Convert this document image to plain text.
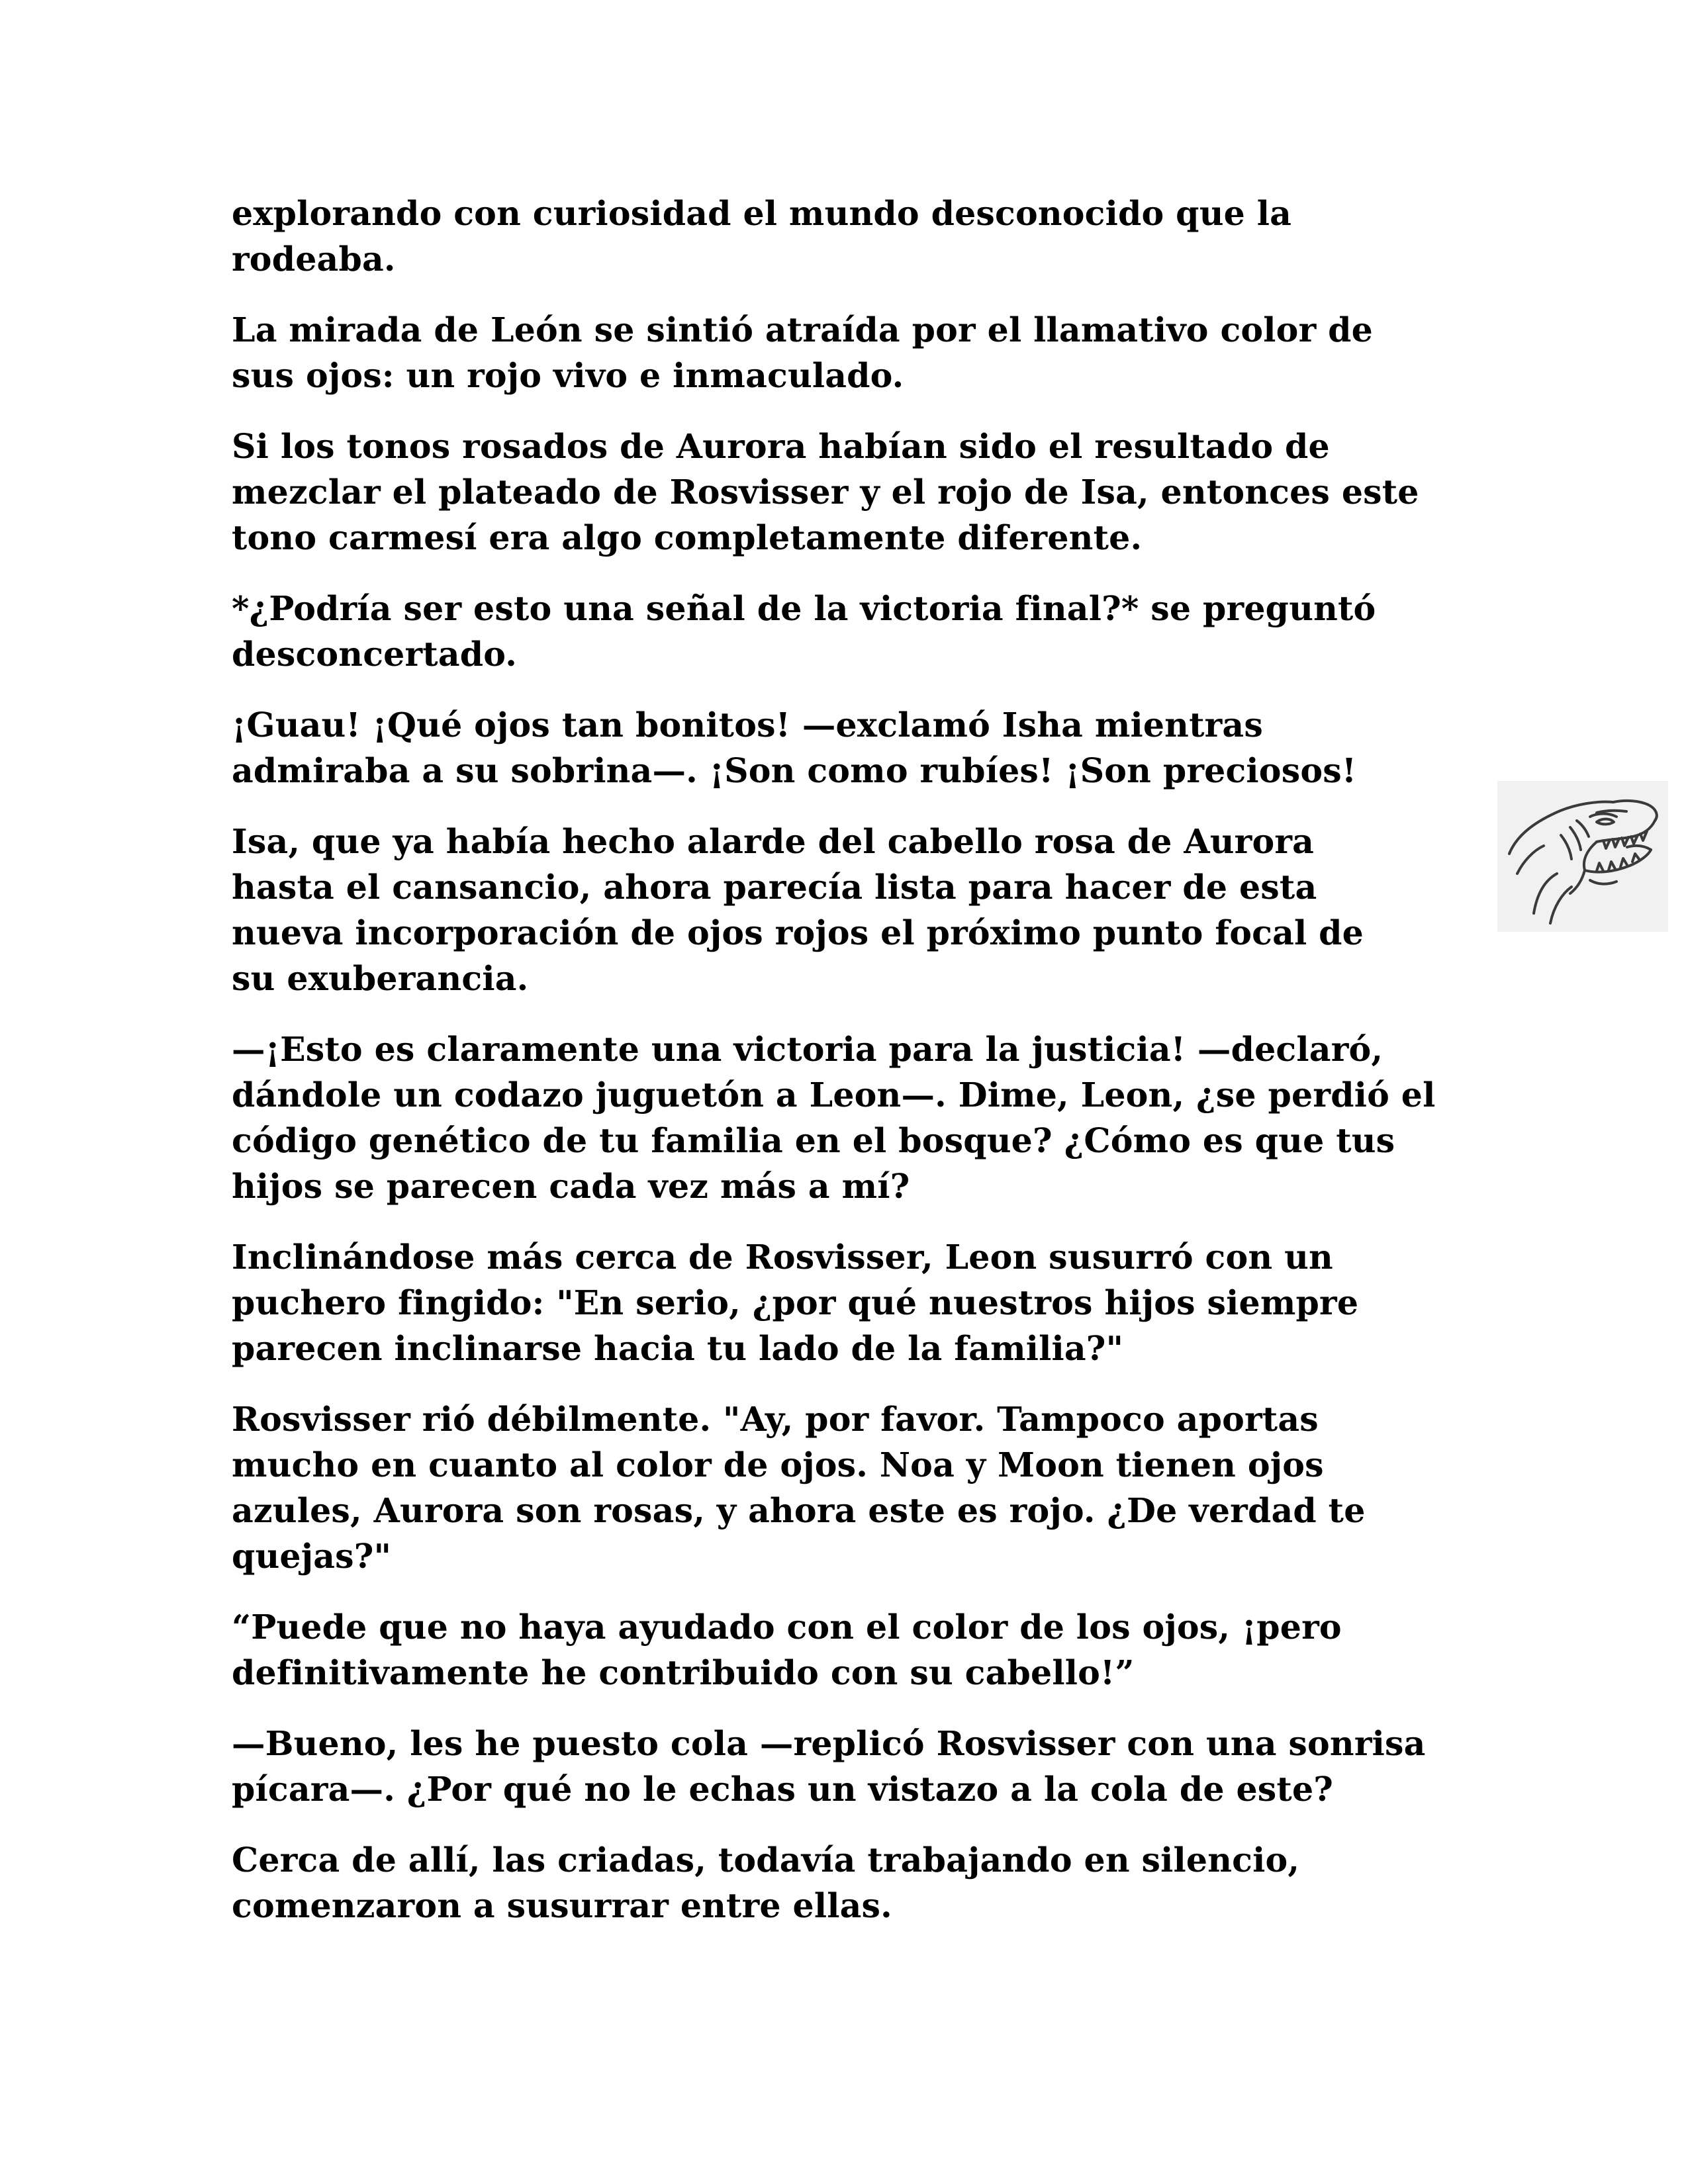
explorando con curiosidad el mundo desconocido que la
rodeaba.

La mirada de León se sintió atraída por el llamativo color de
sus ojos: un rojo vivo e inmaculado.

Si los tonos rosados de Aurora habían sido el resultado de
mezclar el plateado de Rosvisser y el rojo de Isa, entonces este
tono carmesí era algo completamente diferente.

*¿Podría ser esto una señal de la victoria final?* se preguntó
desconcertado.

¡Guau! ¡Qué ojos tan bonitos! —exclamó Isha mientras
admiraba a su sobrina—. ¡Son como rubíes! ¡Son preciosos!

Isa, que ya había hecho alarde del cabello rosa de Aurora
hasta el cansancio, ahora parecía lista para hacer de esta
nueva incorporación de ojos rojos el próximo punto focal de
su exuberancia.

—¡Esto es claramente una victoria para la justicia! —declaró,
dándole un codazo juguetón a Leon—. Dime, Leon, ¿se perdió el
código genético de tu familia en el bosque? ¿Cómo es que tus
hijos se parecen cada vez más a mí?

Inclinándose más cerca de Rosvisser, Leon susurró con un
puchero fingido: "En serio, ¿por qué nuestros hijos siempre
parecen inclinarse hacia tu lado de la familia?"

Rosvisser rió débilmente. "Ay, por favor. Tampoco aportas
mucho en cuanto al color de ojos. Noa y Moon tienen ojos
azules, Aurora son rosas, y ahora este es rojo. ¿De verdad te
quejas?"

“Puede que no haya ayudado con el color de los ojos, ¡pero
definitivamente he contribuido con su cabello!”

—Bueno, les he puesto cola —replicó Rosvisser con una sonrisa
pícara—. ¿Por qué no le echas un vistazo a la cola de este?

Cerca de allí, las criadas, todavía trabajando en silencio,
comenzaron a susurrar entre ellas.
